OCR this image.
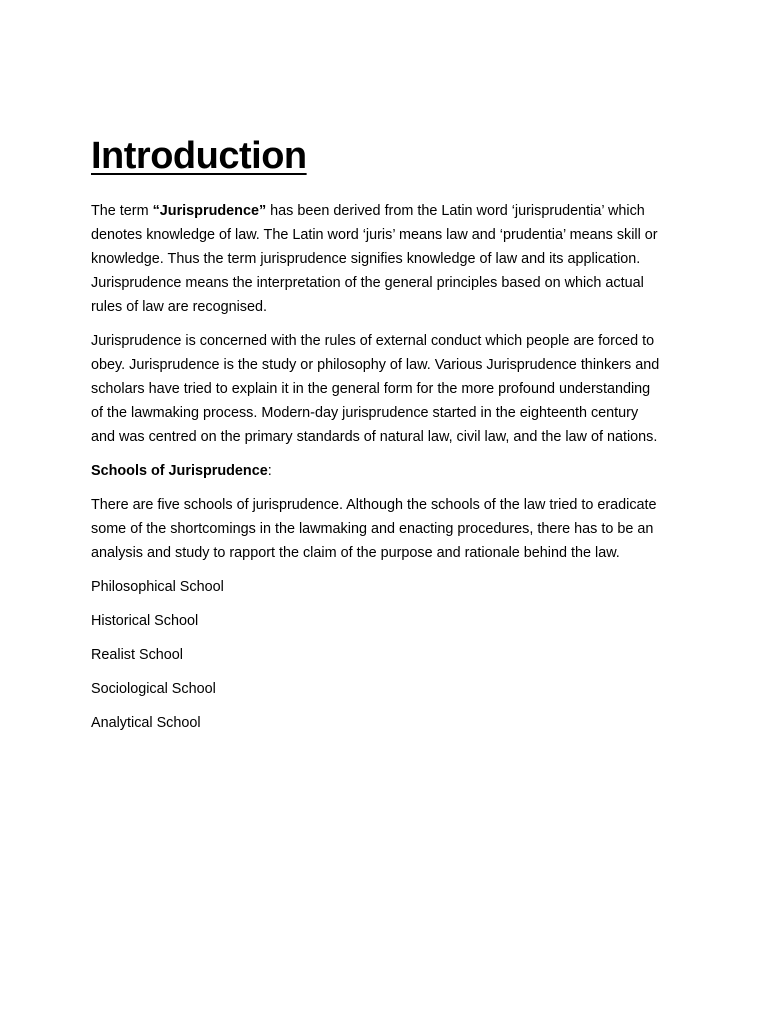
Introduction

The term “Jurisprudence” has been derived from the Latin word ‘jurisprudentia’ which denotes knowledge of law. The Latin word ‘juris’ means law and ‘prudentia’ means skill or knowledge. Thus the term jurisprudence signifies knowledge of law and its application. Jurisprudence means the interpretation of the general principles based on which actual rules of law are recognised.

Jurisprudence is concerned with the rules of external conduct which people are forced to obey. Jurisprudence is the study or philosophy of law. Various Jurisprudence thinkers and scholars have tried to explain it in the general form for the more profound understanding of the lawmaking process. Modern-day jurisprudence started in the eighteenth century and was centred on the primary standards of natural law, civil law, and the law of nations.

Schools of Jurisprudence:

There are five schools of jurisprudence. Although the schools of the law tried to eradicate some of the shortcomings in the lawmaking and enacting procedures, there has to be an analysis and study to rapport the claim of the purpose and rationale behind the law.

Philosophical School
Historical School
Realist School
Sociological School
Analytical School
